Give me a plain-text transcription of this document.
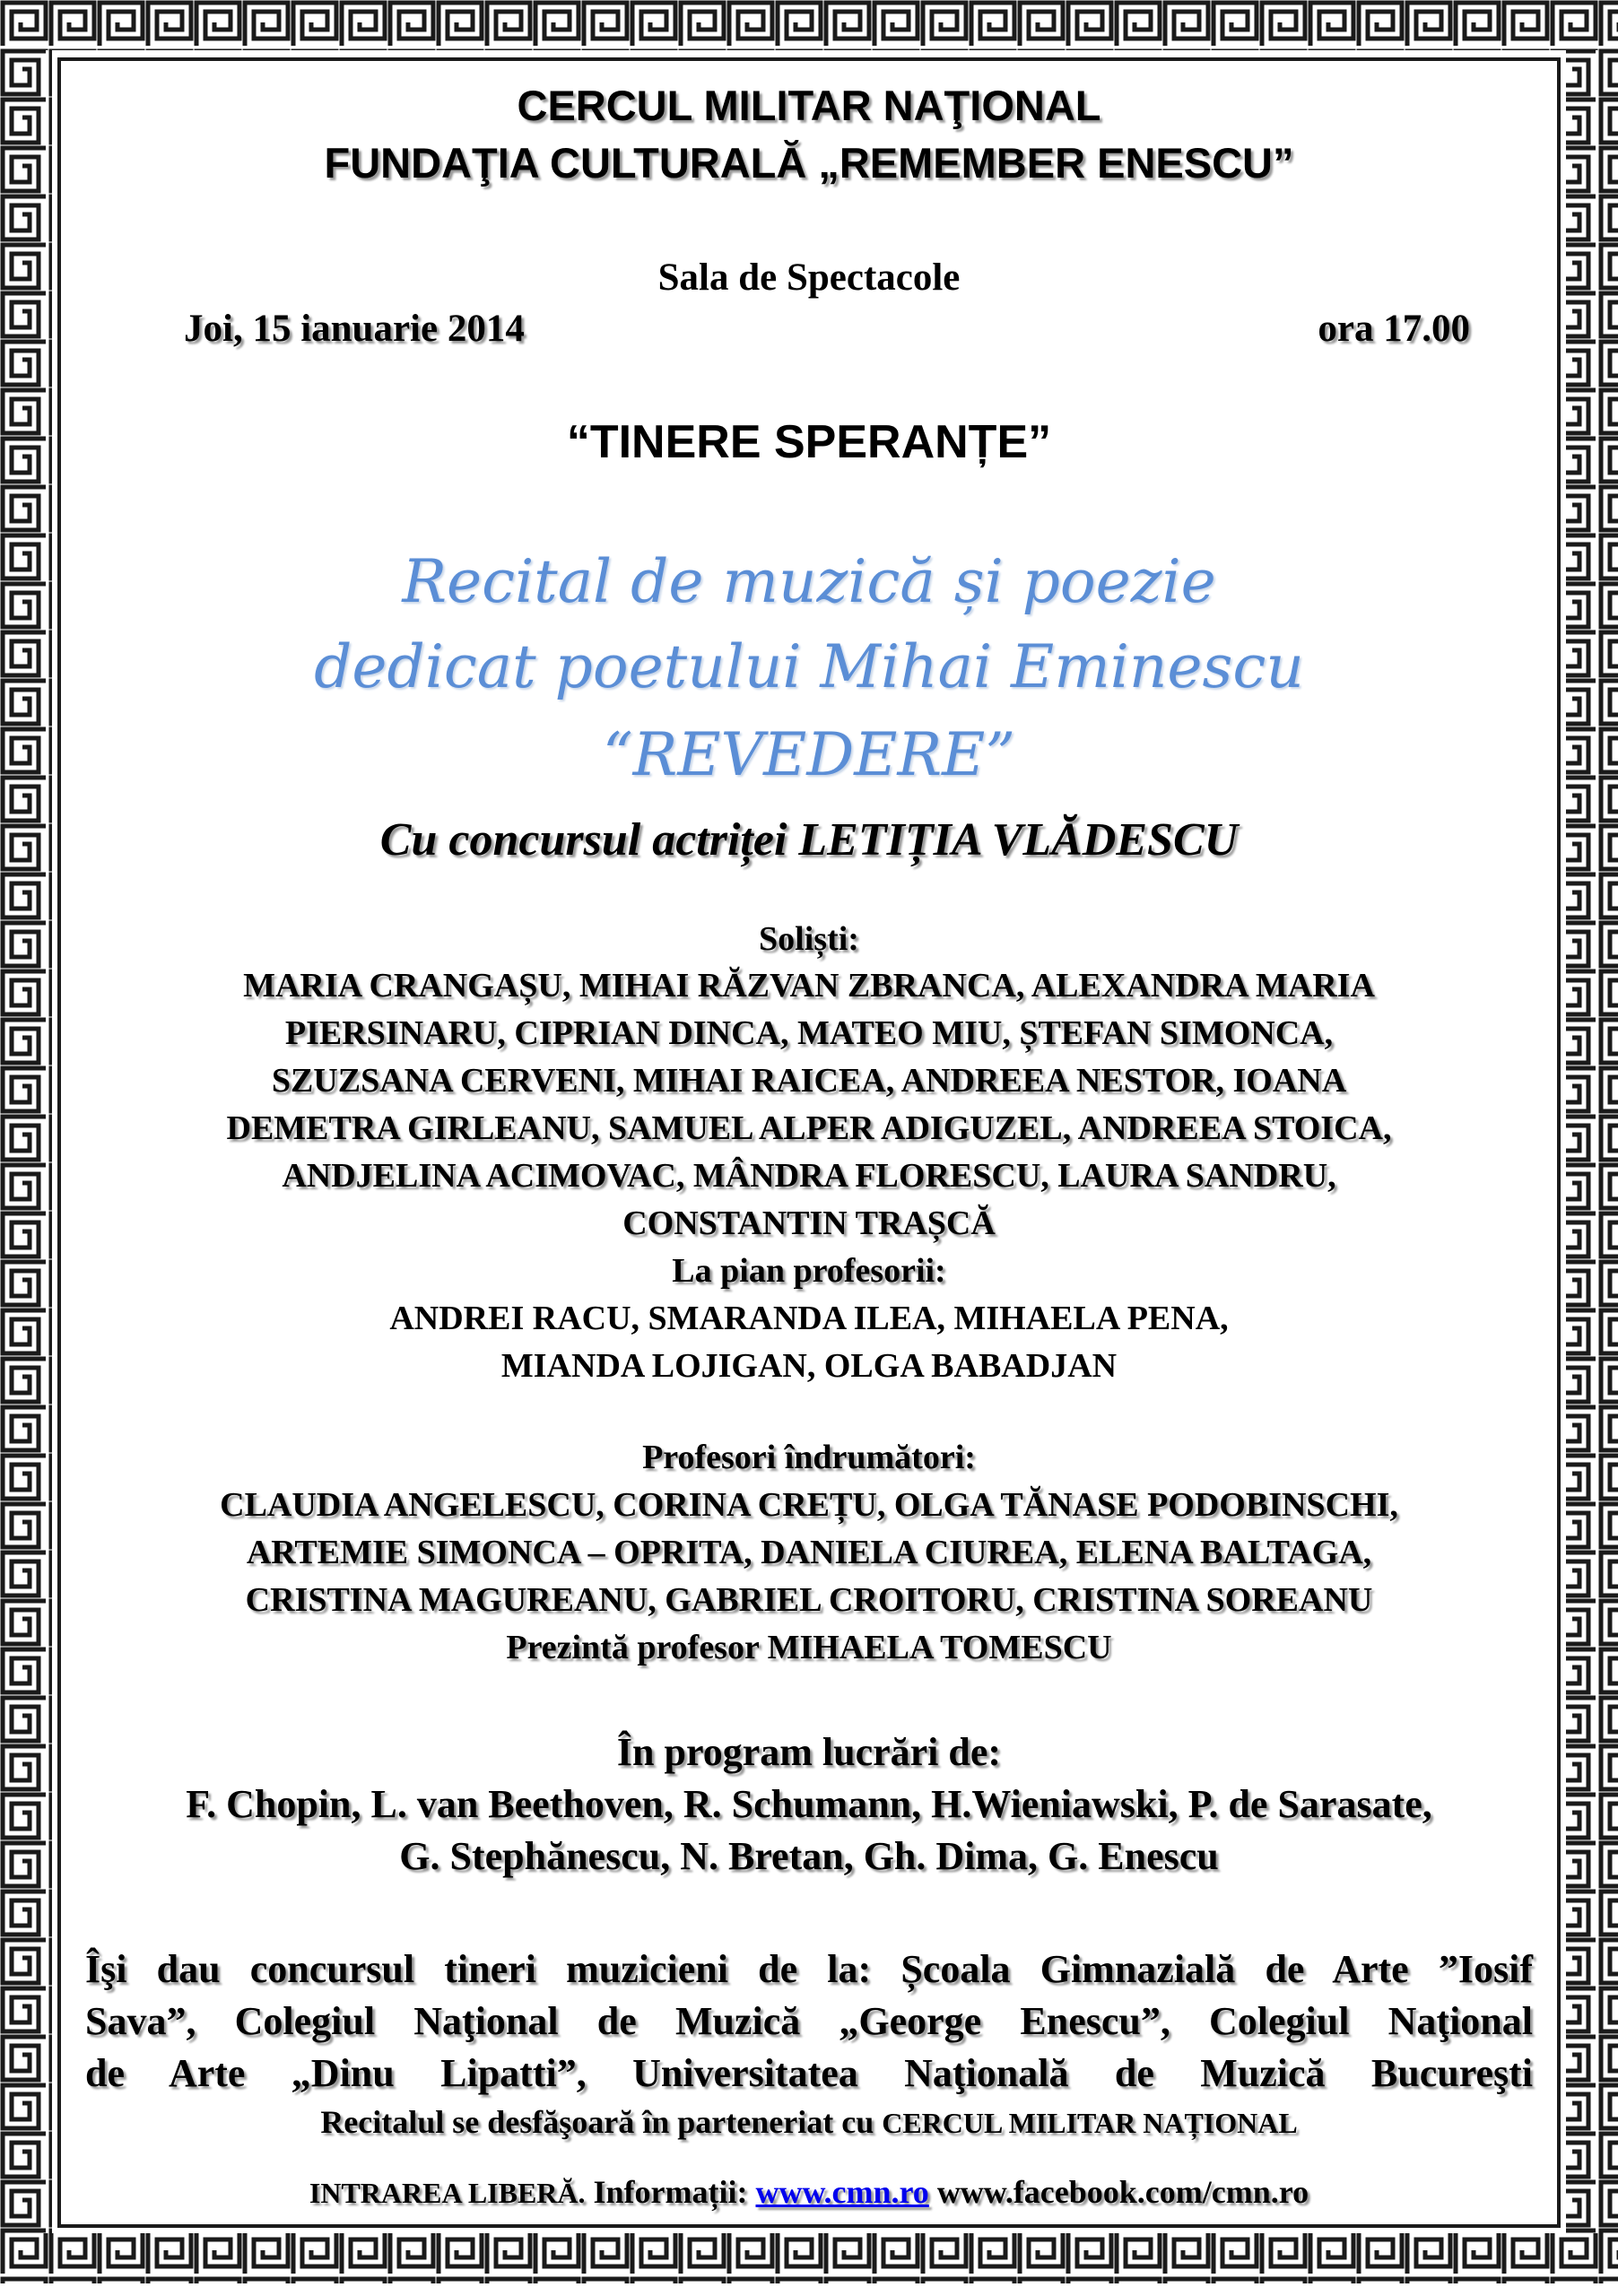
CERCUL MILITAR NAŢIONAL
FUNDAŢIA CULTURALĂ „REMEMBER ENESCU”
Sala de Spectacole
Joi, 15 ianuarie 2014	ora 17.00
“TINERE SPERANȚE”
Recital de muzică și poezie
dedicat poetului Mihai Eminescu
“REVEDERE”
Cu concursul actriței LETIȚIA VLĂDESCU
Soliști:
MARIA CRANGAȘU, MIHAI RĂZVAN ZBRANCA, ALEXANDRA MARIA
PIERSINARU, CIPRIAN DINCA, MATEO MIU, ȘTEFAN SIMONCA,
SZUZSANA CERVENI, MIHAI RAICEA, ANDREEA NESTOR, IOANA
DEMETRA GIRLEANU, SAMUEL ALPER ADIGUZEL, ANDREEA STOICA,
ANDJELINA ACIMOVAC, MÂNDRA FLORESCU, LAURA SANDRU,
CONSTANTIN TRAȘCĂ
La pian profesorii:
ANDREI RACU, SMARANDA ILEA, MIHAELA PENA,
MIANDA LOJIGAN, OLGA BABADJAN
Profesori îndrumători:
CLAUDIA ANGELESCU, CORINA CREȚU, OLGA TĂNASE PODOBINSCHI,
ARTEMIE SIMONCA – OPRITA, DANIELA CIUREA, ELENA BALTAGA,
CRISTINA MAGUREANU, GABRIEL CROITORU, CRISTINA SOREANU
Prezintă profesor MIHAELA TOMESCU
În program lucrări de:
F. Chopin, L. van Beethoven, R. Schumann, H.Wieniawski, P. de Sarasate,
G. Stephănescu, N. Bretan, Gh. Dima, G. Enescu
Îşi dau concursul tineri muzicieni de la: Școala Gimnazială de Arte ”Iosif
Sava”, Colegiul Naţional de Muzică „George Enescu”, Colegiul Naţional
de Arte „Dinu Lipatti”, Universitatea Naţională de Muzică Bucureşti
Recitalul se desfăşoară în parteneriat cu CERCUL MILITAR NAȚIONAL
INTRAREA LIBERĂ. Informații: www.cmn.ro www.facebook.com/cmn.ro
